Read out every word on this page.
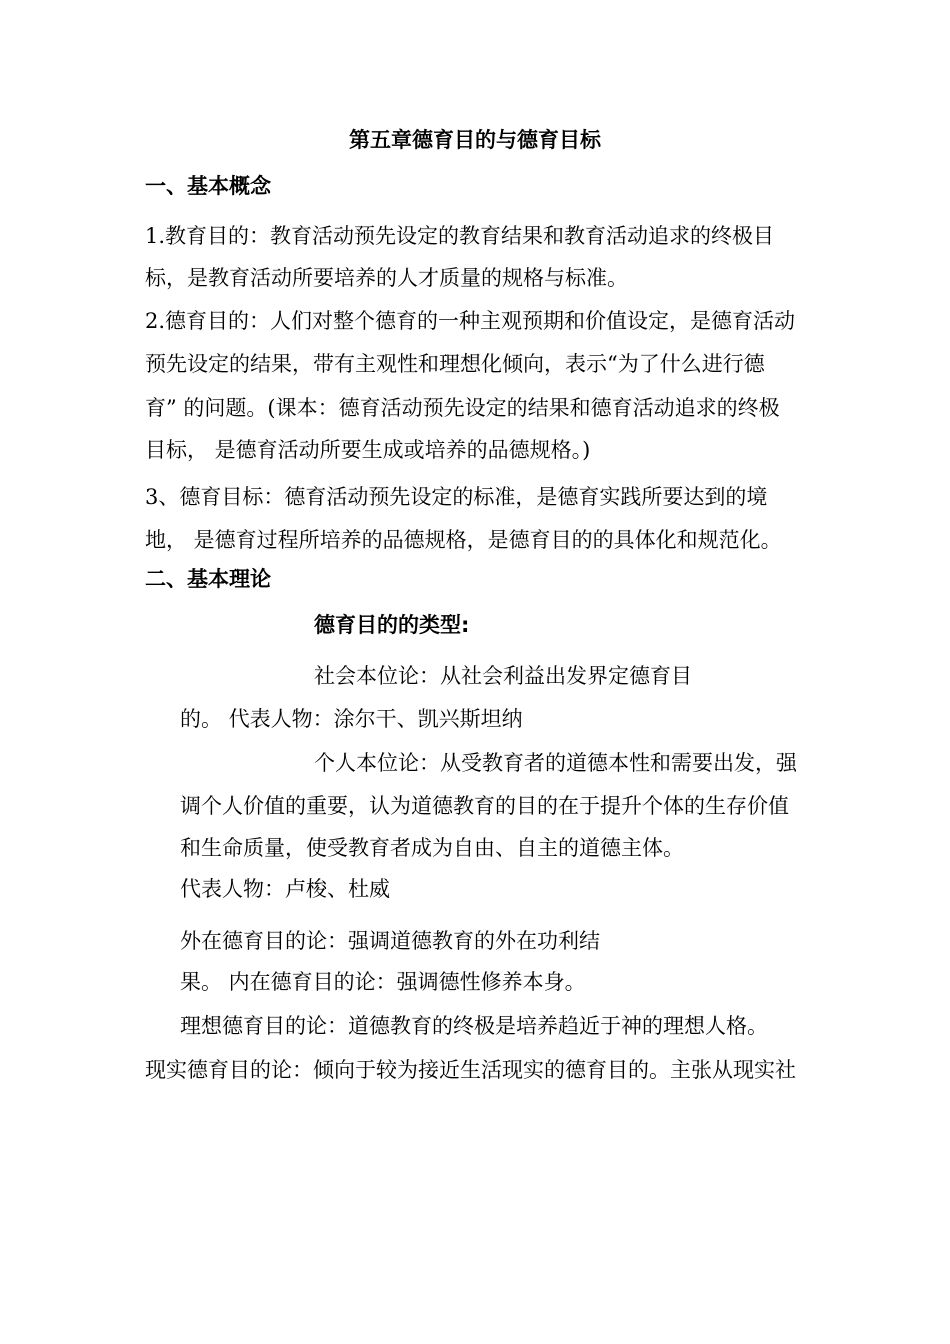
第五章德育目的与德育目标
一、基本概念
1.教育目的：教育活动预先设定的教育结果和教育活动追求的终极目
标，是教育活动所要培养的人才质量的规格与标准。
2.德育目的：人们对整个德育的一种主观预期和价值设定，是德育活动
预先设定的结果，带有主观性和理想化倾向，表示“为了什么进行德
育” 的问题。(课本：德育活动预先设定的结果和德育活动追求的终极
目标， 是德育活动所要生成或培养的品德规格。)
3、德育目标：德育活动预先设定的标准，是德育实践所要达到的境
地， 是德育过程所培养的品德规格，是德育目的的具体化和规范化。
二、基本理论
德育目的的类型:
社会本位论：从社会利益出发界定德育目
的。 代表人物：涂尔干、凯兴斯坦纳
个人本位论：从受教育者的道德本性和需要出发，强
调个人价值的重要，认为道德教育的目的在于提升个体的生存价值
和生命质量，使受教育者成为自由、自主的道德主体。
代表人物：卢梭、杜威
外在德育目的论：强调道德教育的外在功利结
果。 内在德育目的论：强调德性修养本身。
理想德育目的论：道德教育的终极是培养趋近于神的理想人格。
现实德育目的论：倾向于较为接近生活现实的德育目的。主张从现实社
